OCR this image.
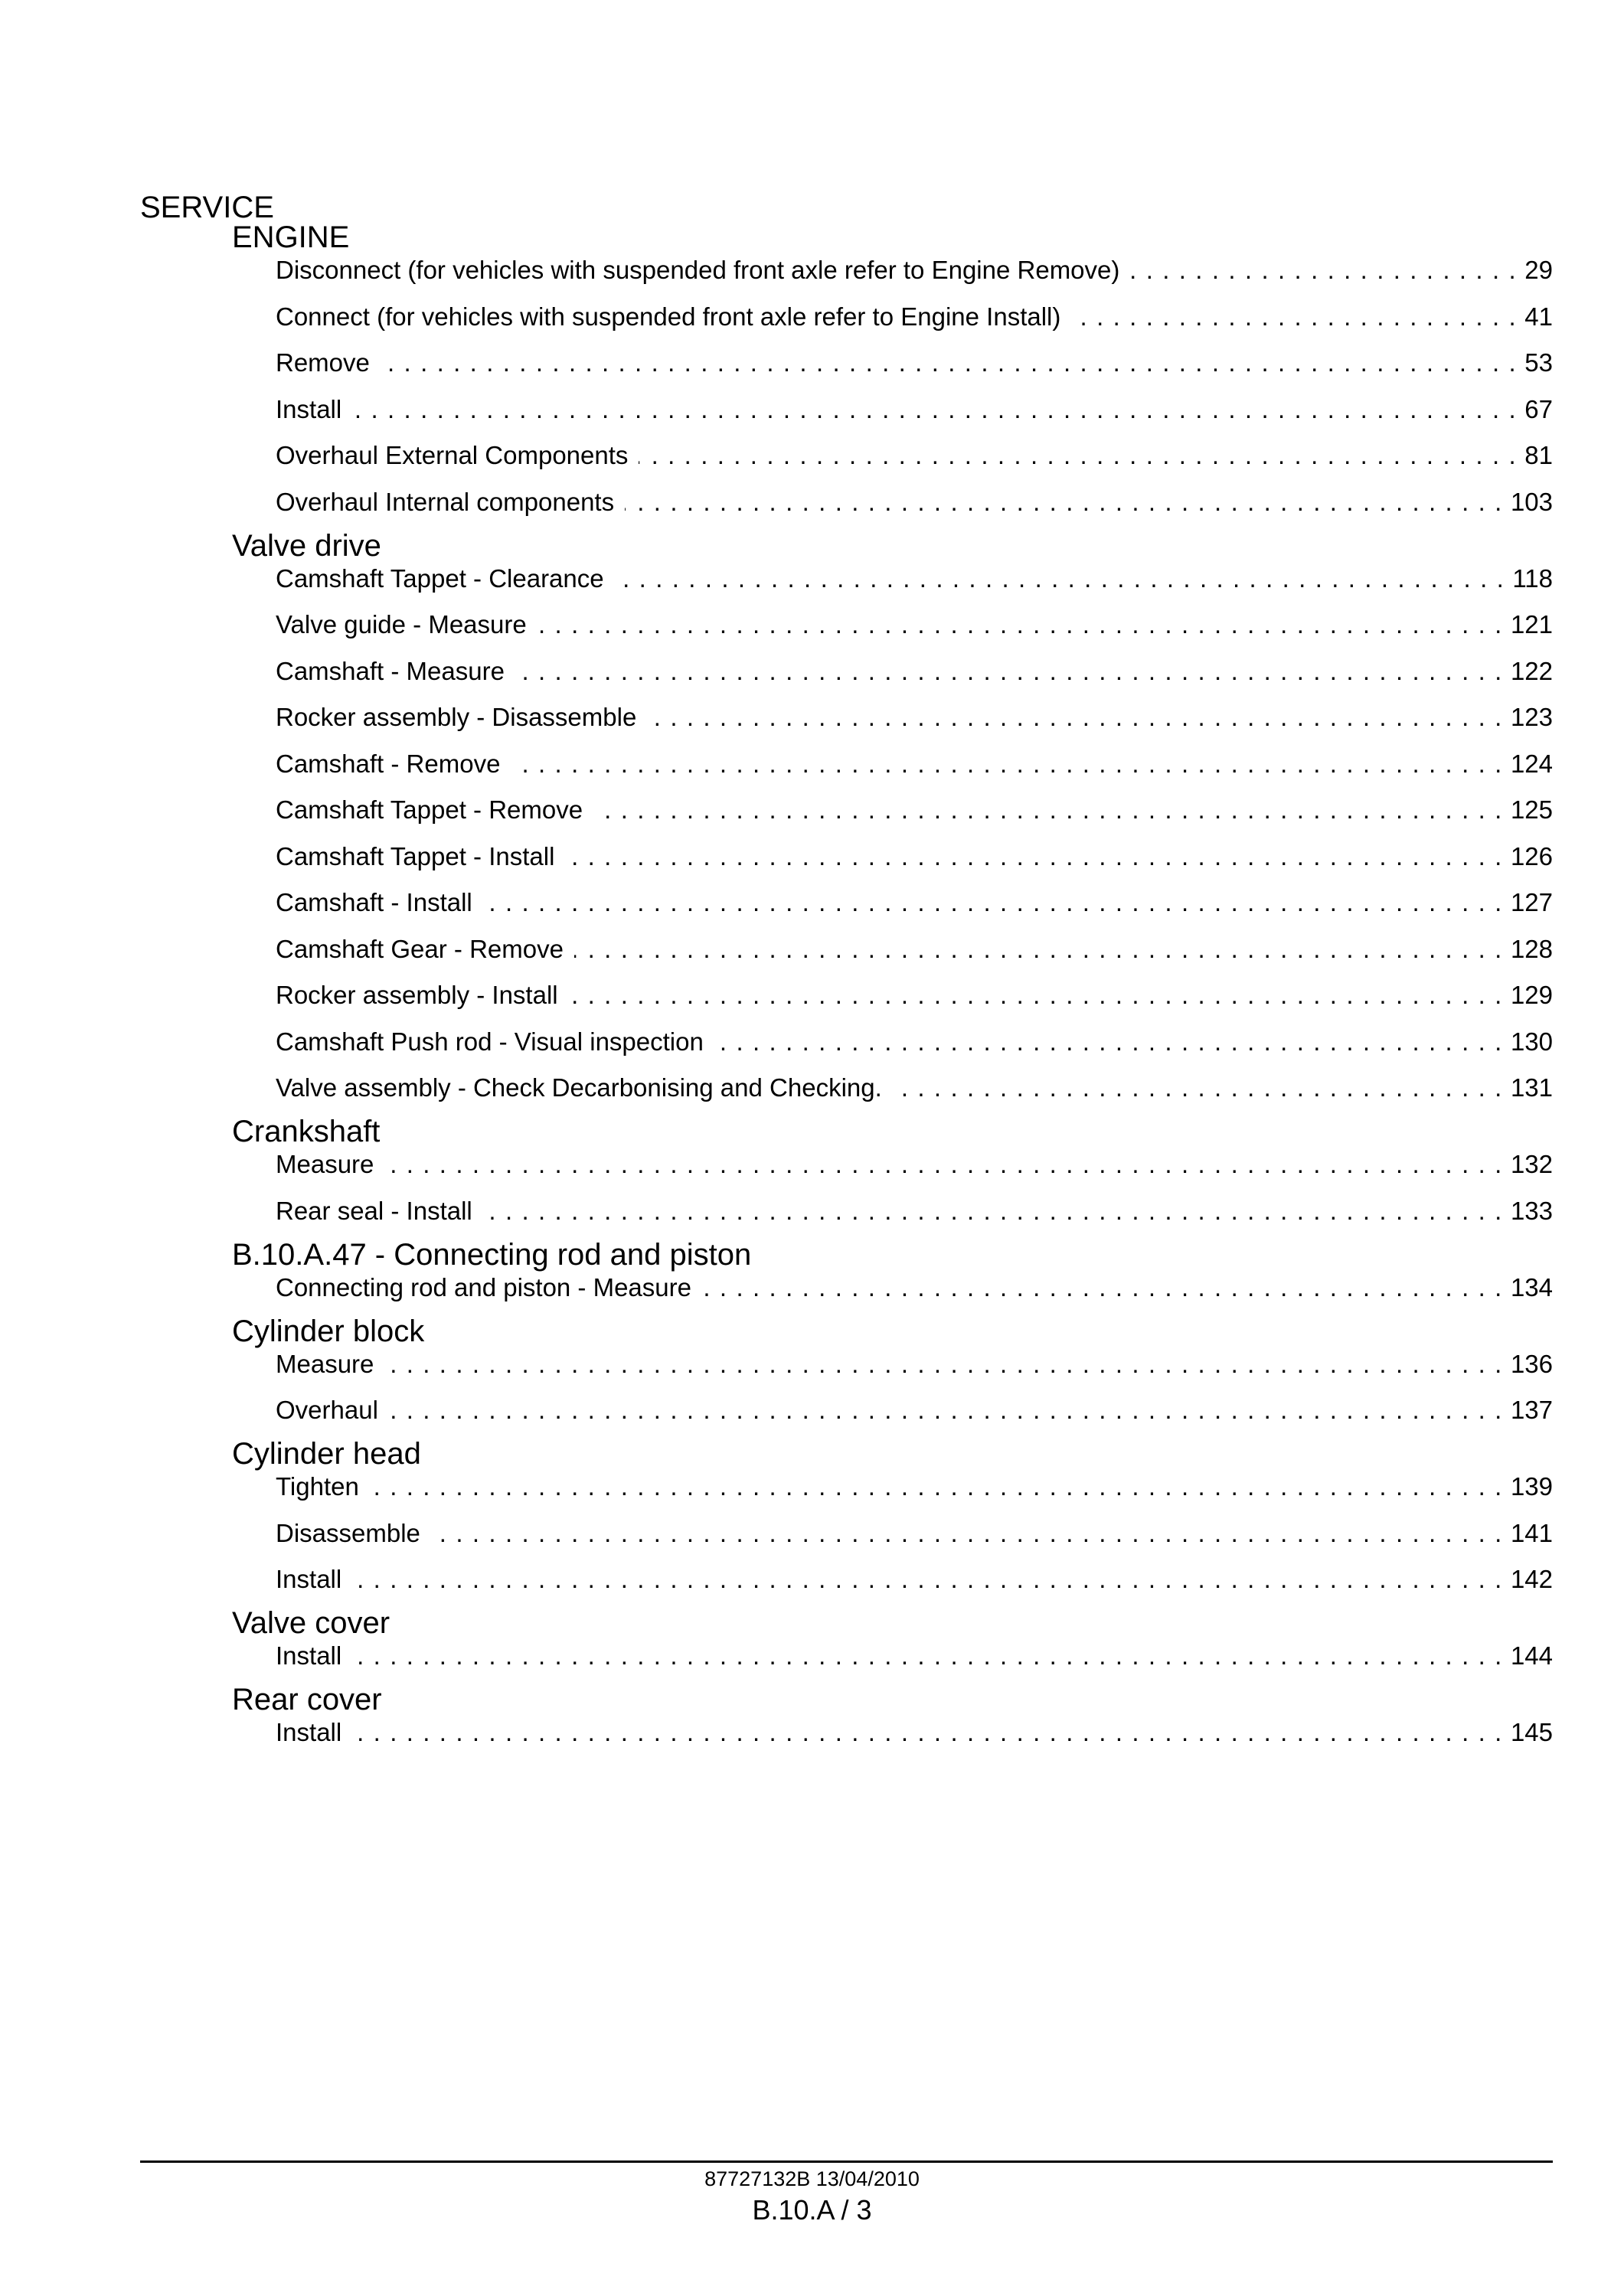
SERVICE
ENGINE
Disconnect (for vehicles with suspended front axle refer to Engine Remove) . . .	29
Connect (for vehicles with suspended front axle refer to Engine Install) . . .	41
Remove . . .	53
Install . . .	67
Overhaul External Components . . .	81
Overhaul Internal components . . .	103
Valve drive
Camshaft Tappet - Clearance . . .	118
Valve guide - Measure . . .	121
Camshaft - Measure . . .	122
Rocker assembly - Disassemble . . .	123
Camshaft - Remove . . .	124
Camshaft Tappet - Remove . . .	125
Camshaft Tappet - Install . . .	126
Camshaft - Install . . .	127
Camshaft Gear - Remove . . .	128
Rocker assembly - Install . . .	129
Camshaft Push rod - Visual inspection . . .	130
Valve assembly - Check Decarbonising and Checking. . . .	131
Crankshaft
Measure . . .	132
Rear seal - Install . . .	133
B.10.A.47 - Connecting rod and piston
Connecting rod and piston - Measure . . .	134
Cylinder block
Measure . . .	136
Overhaul . . .	137
Cylinder head
Tighten . . .	139
Disassemble . . .	141
Install . . .	142
Valve cover
Install . . .	144
Rear cover
Install . . .	145
87727132B 13/04/2010
B.10.A / 3
